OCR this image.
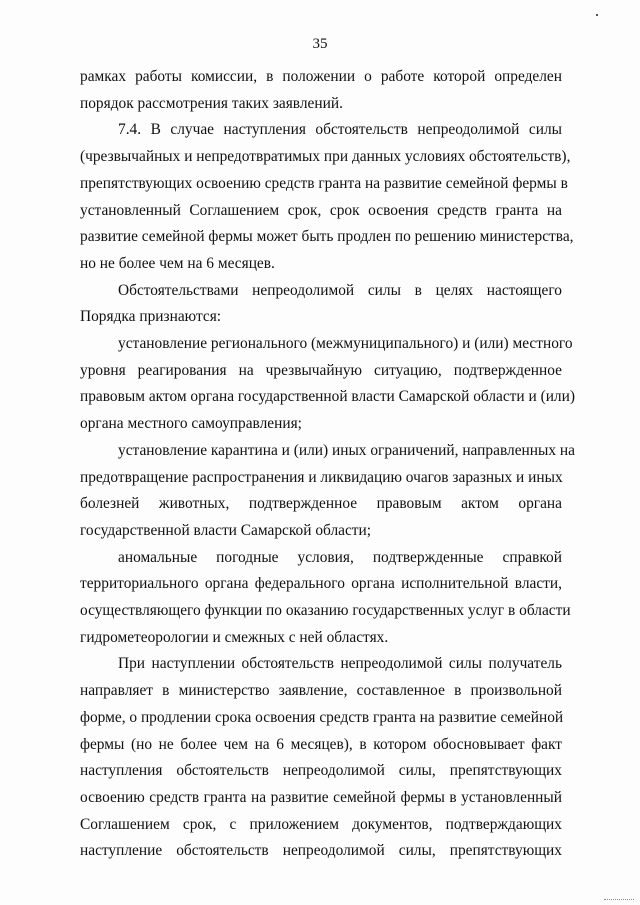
35
рамках работы комиссии, в положении о работе которой определен
порядок рассмотрения таких заявлений.
7.4. В случае наступления обстоятельств непреодолимой силы
(чрезвычайных и непредотвратимых при данных условиях обстоятельств),
препятствующих освоению средств гранта на развитие семейной фермы в
установленный Соглашением срок, срок освоения средств гранта на
развитие семейной фермы может быть продлен по решению министерства,
но не более чем на 6 месяцев.
Обстоятельствами непреодолимой силы в целях настоящего
Порядка признаются:
установление регионального (межмуниципального) и (или) местного
уровня реагирования на чрезвычайную ситуацию, подтвержденное
правовым актом органа государственной власти Самарской области и (или)
органа местного самоуправления;
установление карантина и (или) иных ограничений, направленных на
предотвращение распространения и ликвидацию очагов заразных и иных
болезней животных, подтвержденное правовым актом органа
государственной власти Самарской области;
аномальные погодные условия, подтвержденные справкой
территориального органа федерального органа исполнительной власти,
осуществляющего функции по оказанию государственных услуг в области
гидрометеорологии и смежных с ней областях.
При наступлении обстоятельств непреодолимой силы получатель
направляет в министерство заявление, составленное в произвольной
форме, о продлении срока освоения средств гранта на развитие семейной
фермы (но не более чем на 6 месяцев), в котором обосновывает факт
наступления обстоятельств непреодолимой силы, препятствующих
освоению средств гранта на развитие семейной фермы в установленный
Соглашением срок, с приложением документов, подтверждающих
наступление обстоятельств непреодолимой силы, препятствующих
